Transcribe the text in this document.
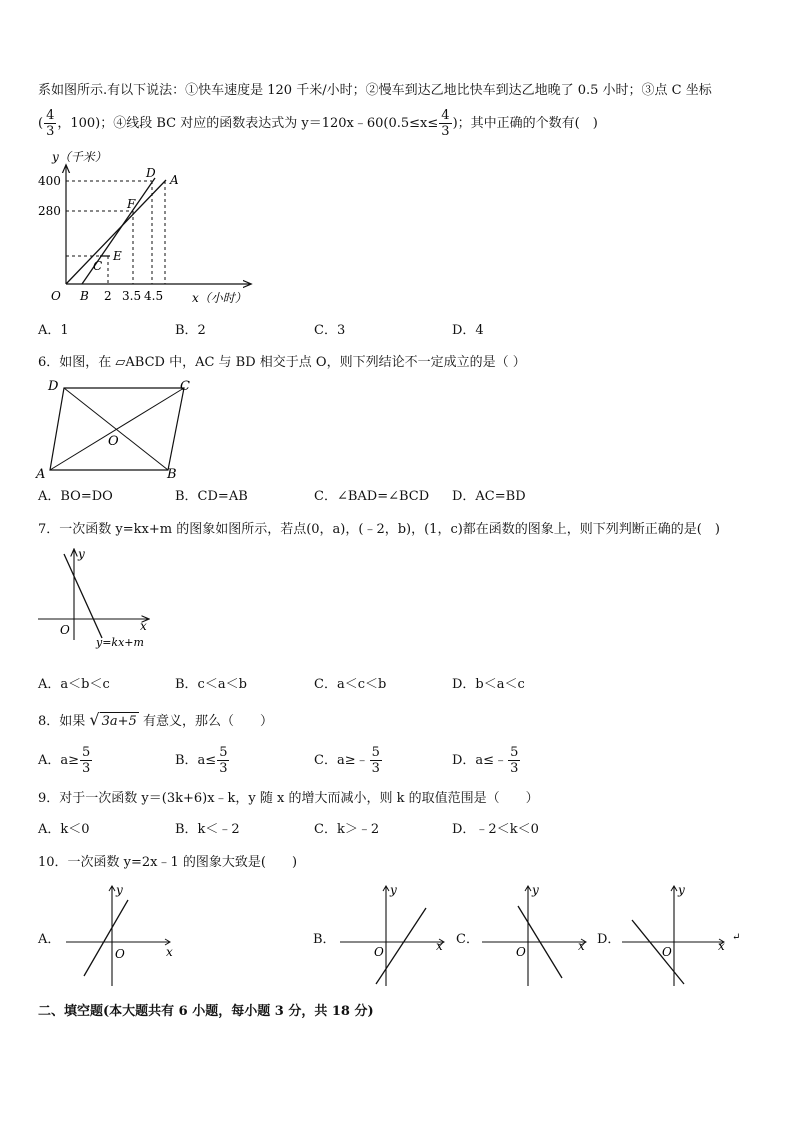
系如图所示.有以下说法：①快车速度是 120 千米/小时；②慢车到达乙地比快车到达乙地晚了 0.5 小时；③点 C 坐标
( $\frac{4}{3}$ ，100)；④线段 BC 对应的函数表达式为 y＝120x﹣60(0.5≤x≤ $\frac{4}{3}$ )；其中正确的个数有(　)
y（千米）
400
280
O B 2 3.5 4.5 x（小时）
D A
F
C
E
A．1	B．2	C．3	D．4
6．如图，在 ▱ABCD 中，AC 与 BD 相交于点 O，则下列结论不一定成立的是（ ）
D	C
A	B
O
A．BO=DO	B．CD=AB	C．∠BAD=∠BCD D．AC=BD
7．一次函数 y=kx+m 的图象如图所示，若点(0，a)，(﹣2，b)，(1，c)都在函数的图象上，则下列判断正确的是(　)
y
x
O
y=kx+m
A．a＜b＜c	B．c＜a＜b	C．a＜c＜b	D．b＜a＜c
8．如果 √ 3a+5 有意义，那么（　　）
A．$a\ge \frac{5}{3}$	B．$a\le \frac{5}{3}$	C．a≥﹣ $\frac{5}{3}$	D．a≤﹣ $\frac{5}{3}$
9．对于一次函数 y＝(3k+6)x﹣k，y 随 x 的增大而减小，则 k 的取值范围是（　　）
A．k＜0	B．k＜﹣2	C．k＞﹣2	D．﹣2＜k＜0
10．一次函数 y=2x﹣1 的图象大致是(　　)
A．
y
x
O
B．
y
x
O
C．
y
x
O
D．
y
x
O
↵
二、填空题(本大题共有 6 小题，每小题 3 分，共 18 分)
